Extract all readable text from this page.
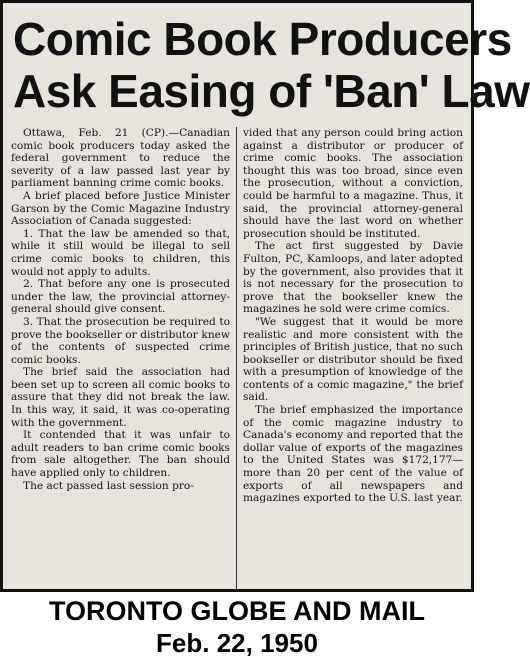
Comic Book Producers
Ask Easing of 'Ban' Law

Ottawa, Feb. 21 (CP).—Canadian comic book producers today asked the federal government to reduce the severity of a law passed last year by parliament banning crime comic books.

A brief placed before Justice Minister Garson by the Comic Magazine Industry Association of Canada suggested:

1. That the law be amended so that, while it still would be illegal to sell crime comic books to children, this would not apply to adults.

2. That before any one is prosecuted under the law, the provincial attorney-general should give consent.

3. That the prosecution be required to prove the bookseller or distributor knew of the contents of suspected crime comic books.

The brief said the association had been set up to screen all comic books to assure that they did not break the law. In this way, it said, it was co-operating with the government.

It contended that it was unfair to adult readers to ban crime comic books from sale altogether. The ban should have applied only to children.

The act passed last session pro-

vided that any person could bring action against a distributor or producer of crime comic books. The association thought this was too broad, since even the prosecution, without a conviction, could be harmful to a magazine. Thus, it said, the provincial attorney-general should have the last word on whether prosecution should be instituted.

The act first suggested by Davie Fulton, PC, Kamloops, and later adopted by the government, also provides that it is not necessary for the prosecution to prove that the bookseller knew the magazines he sold were crime comics.

"We suggest that it would be more realistic and more consistent with the principles of British justice, that no such bookseller or distributor should be fixed with a presumption of knowledge of the contents of a comic magazine," the brief said.

The brief emphasized the importance of the comic magazine industry to Canada's economy and reported that the dollar value of exports of the magazines to the United States was $172,177—more than 20 per cent of the value of exports of all newspapers and magazines exported to the U.S. last year.

TORONTO GLOBE AND MAIL
Feb. 22, 1950
